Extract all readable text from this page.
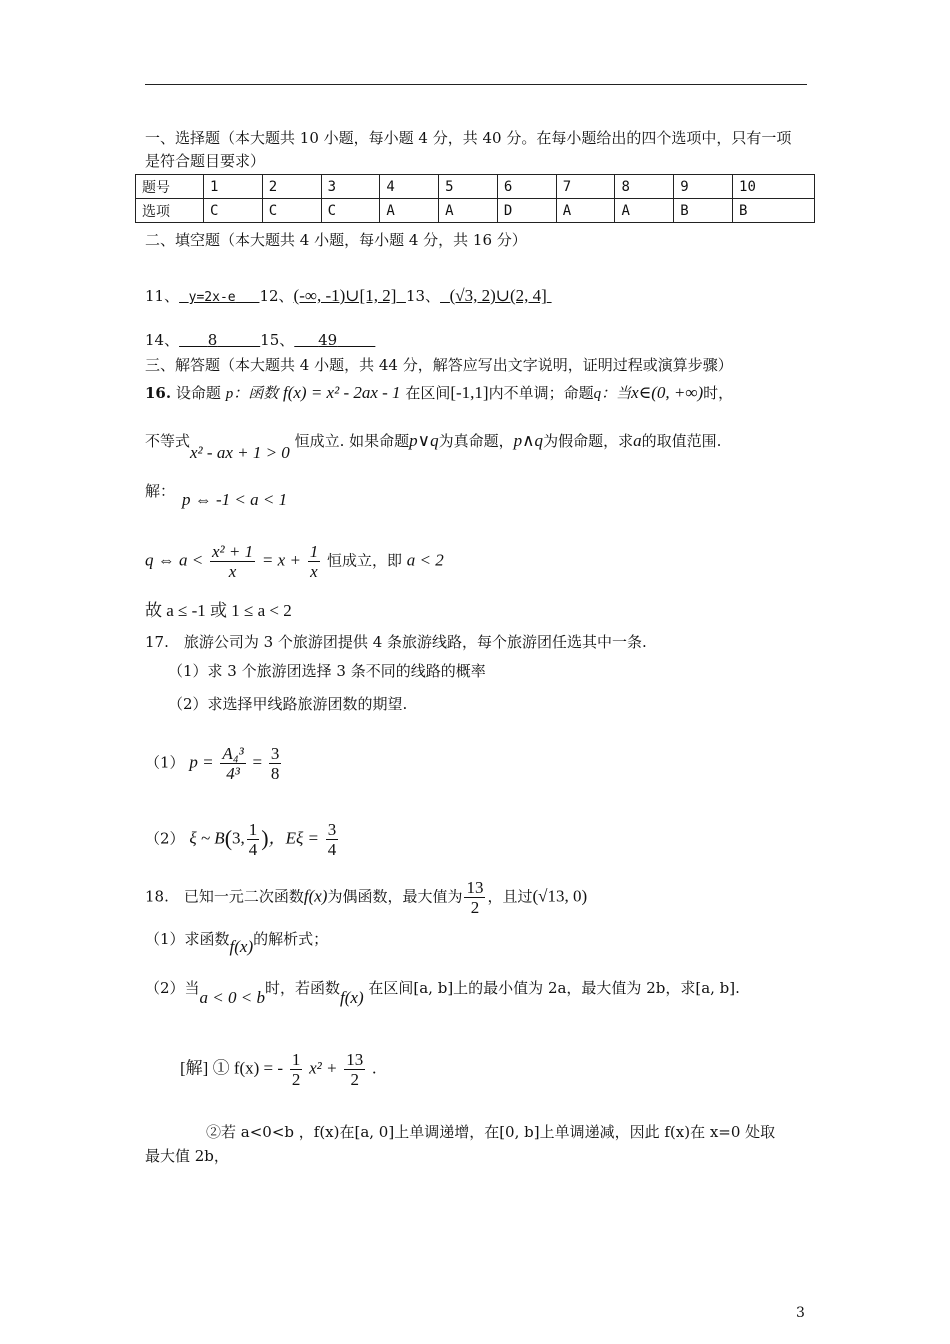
一、选择题（本大题共 10 小题，每小题 4 分，共 40 分。在每小题给出的四个选项中，只有一项
是符合题目要求）
题号	1	2	3	4	5	6	7	8	9	10
选项	C	C	C	A	A	D	A	A	B	B
二、填空题（本大题共 4 小题，每小题 4 分，共 16 分）
11、 y=2x-e 12、(-∞, -1)∪[1, 2] 13、 (√3, 2)∪(2, 4]
14、 8	15、 49
三、解答题（本大题共 4 小题，共 44 分，解答应写出文字说明，证明过程或演算步骤）
16. 设命题 p：函数 f(x) = x² - 2ax - 1 在区间[-1,1]内不单调；命题q：当x∈(0, +∞)时，
不等式x² - ax + 1 > 0 恒成立. 如果命题p∨q为真命题，p∧q为假命题，求a的取值范围.
解： p ⇔ -1 < a < 1
q ⇔ $a < \frac{\text{x² + 1}}{x} = x + \frac{1}{x}$ 恒成立，即 a < 2
故 a ≤ -1 或 1 ≤ a < 2
17.　旅游公司为 3 个旅游团提供 4 条旅游线路，每个旅游团任选其中一条.
（1）求 3 个旅游团选择 3 条不同的线路的概率
（2）求选择甲线路旅游团数的期望.
（1） $p = \frac{\text{A₄³}}{\text{4³}} = \frac{3}{8}$
（2） ξ ~ B(3, $\frac{1}{4}$ )，$E\xi = \frac{3}{4}$
18.　已知一元二次函数f(x)为偶函数，最大值为 $\frac{13}{2}$ ，且过(√13, 0)
（1）求函数f(x)的解析式；
（2）当a < 0 < b时，若函数f(x) 在区间[a, b]上的最小值为 2a，最大值为 2b，求[a, b].
[解] ① f(x) = - $\frac{1}{2} x^2 + \frac{13}{2}$ .
②若 a<0<b ，f(x)在[a, 0]上单调递增，在[0, b]上单调递减，因此 f(x)在 x=0 处取
最大值 2b，
3
